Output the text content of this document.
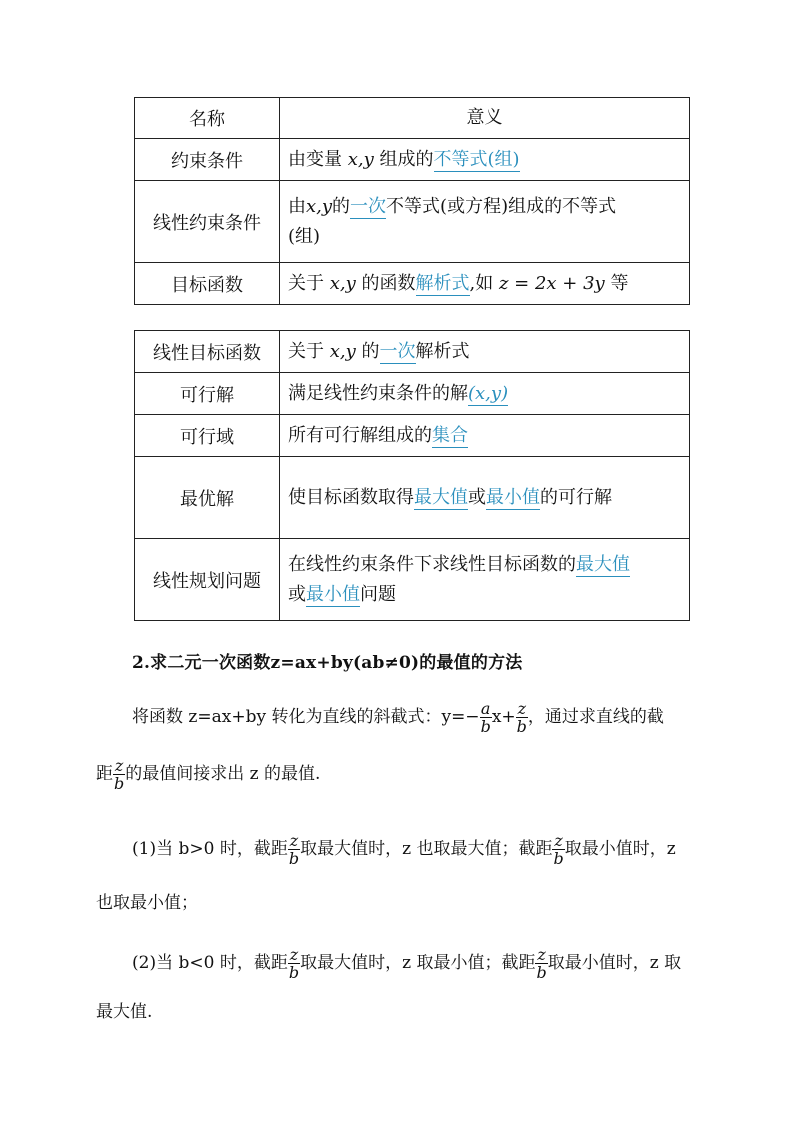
名称	意义
约束条件	由变量 x,y 组成的不等式(组)
线性约束条件	由x,y的一次不等式(或方程)组成的不等式
(组)
目标函数	关于 x,y 的函数解析式,如 z = 2x + 3y 等
线性目标函数	关于 x,y 的一次解析式
可行解	满足线性约束条件的解(x,y)
可行域	所有可行解组成的集合
最优解	使目标函数取得最大值或最小值的可行解
线性规划问题	在线性约束条件下求线性目标函数的最大值
或最小值问题
2.求二元一次函数z=ax+by(ab≠0)的最值的方法
将函数 z=ax+by 转化为直线的斜截式：$y=- \frac{a}{b} x+ \frac{z}{b}$ ，通过求直线的截
距 $\frac{z}{b}$ 的最值间接求出 z 的最值.
(1)当 b>0 时，截距 $\frac{z}{b}$ 取最大值时，z 也取最大值；截距 $\frac{z}{b}$ 取最小值时，z
也取最小值；
(2)当 b<0 时，截距 $\frac{z}{b}$ 取最大值时，z 取最小值；截距 $\frac{z}{b}$ 取最小值时，z 取
最大值.
